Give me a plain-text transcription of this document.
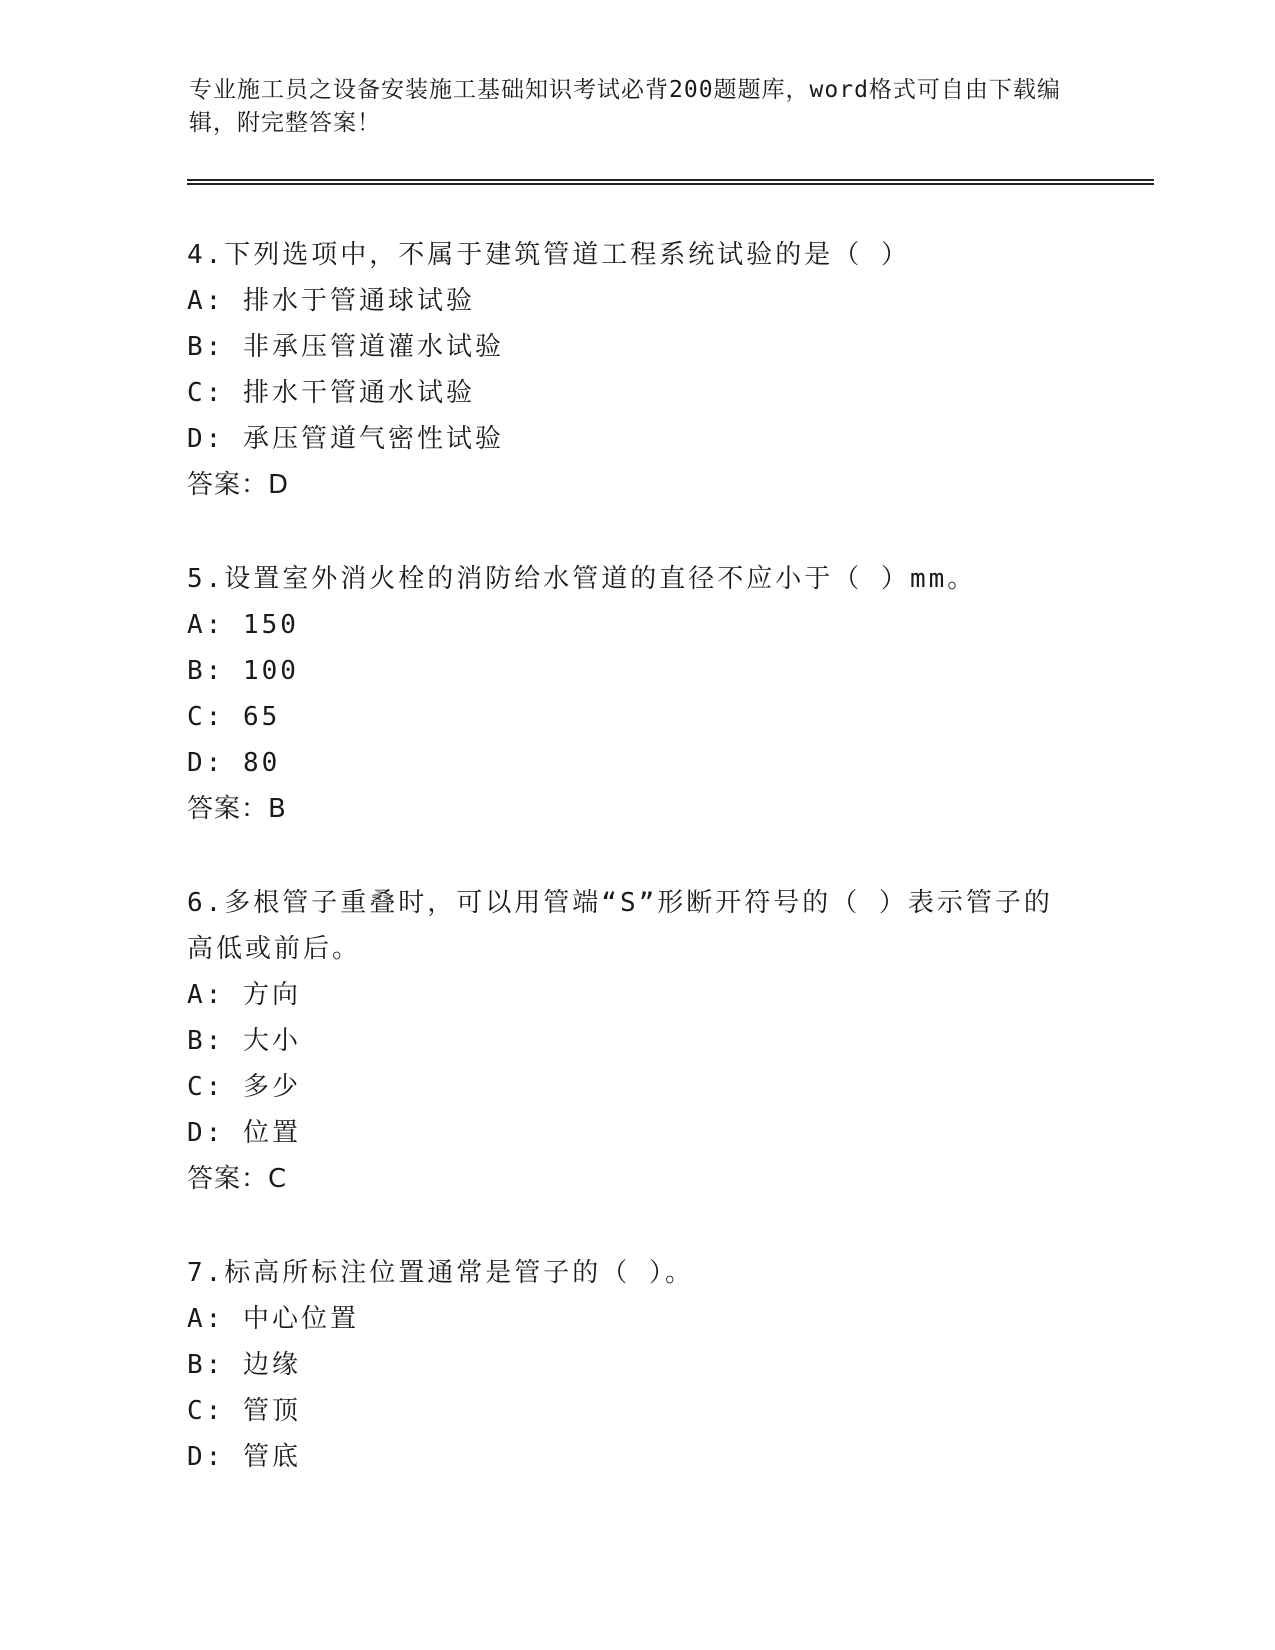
专业施工员之设备安装施工基础知识考试必背200题题库，word格式可自由下载编辑，附完整答案！
4.下列选项中，不属于建筑管道工程系统试验的是（ ）
A: 排水于管通球试验
B: 非承压管道灌水试验
C: 排水干管通水试验
D: 承压管道气密性试验
答案：D
5.设置室外消火栓的消防给水管道的直径不应小于（ ）mm。
A: 150
B: 100
C: 65
D: 80
答案：B
6.多根管子重叠时，可以用管端“S”形断开符号的（ ）表示管子的高低或前后。
A: 方向
B: 大小
C: 多少
D: 位置
答案：C
7.标高所标注位置通常是管子的（ ）。
A: 中心位置
B: 边缘
C: 管顶
D: 管底
